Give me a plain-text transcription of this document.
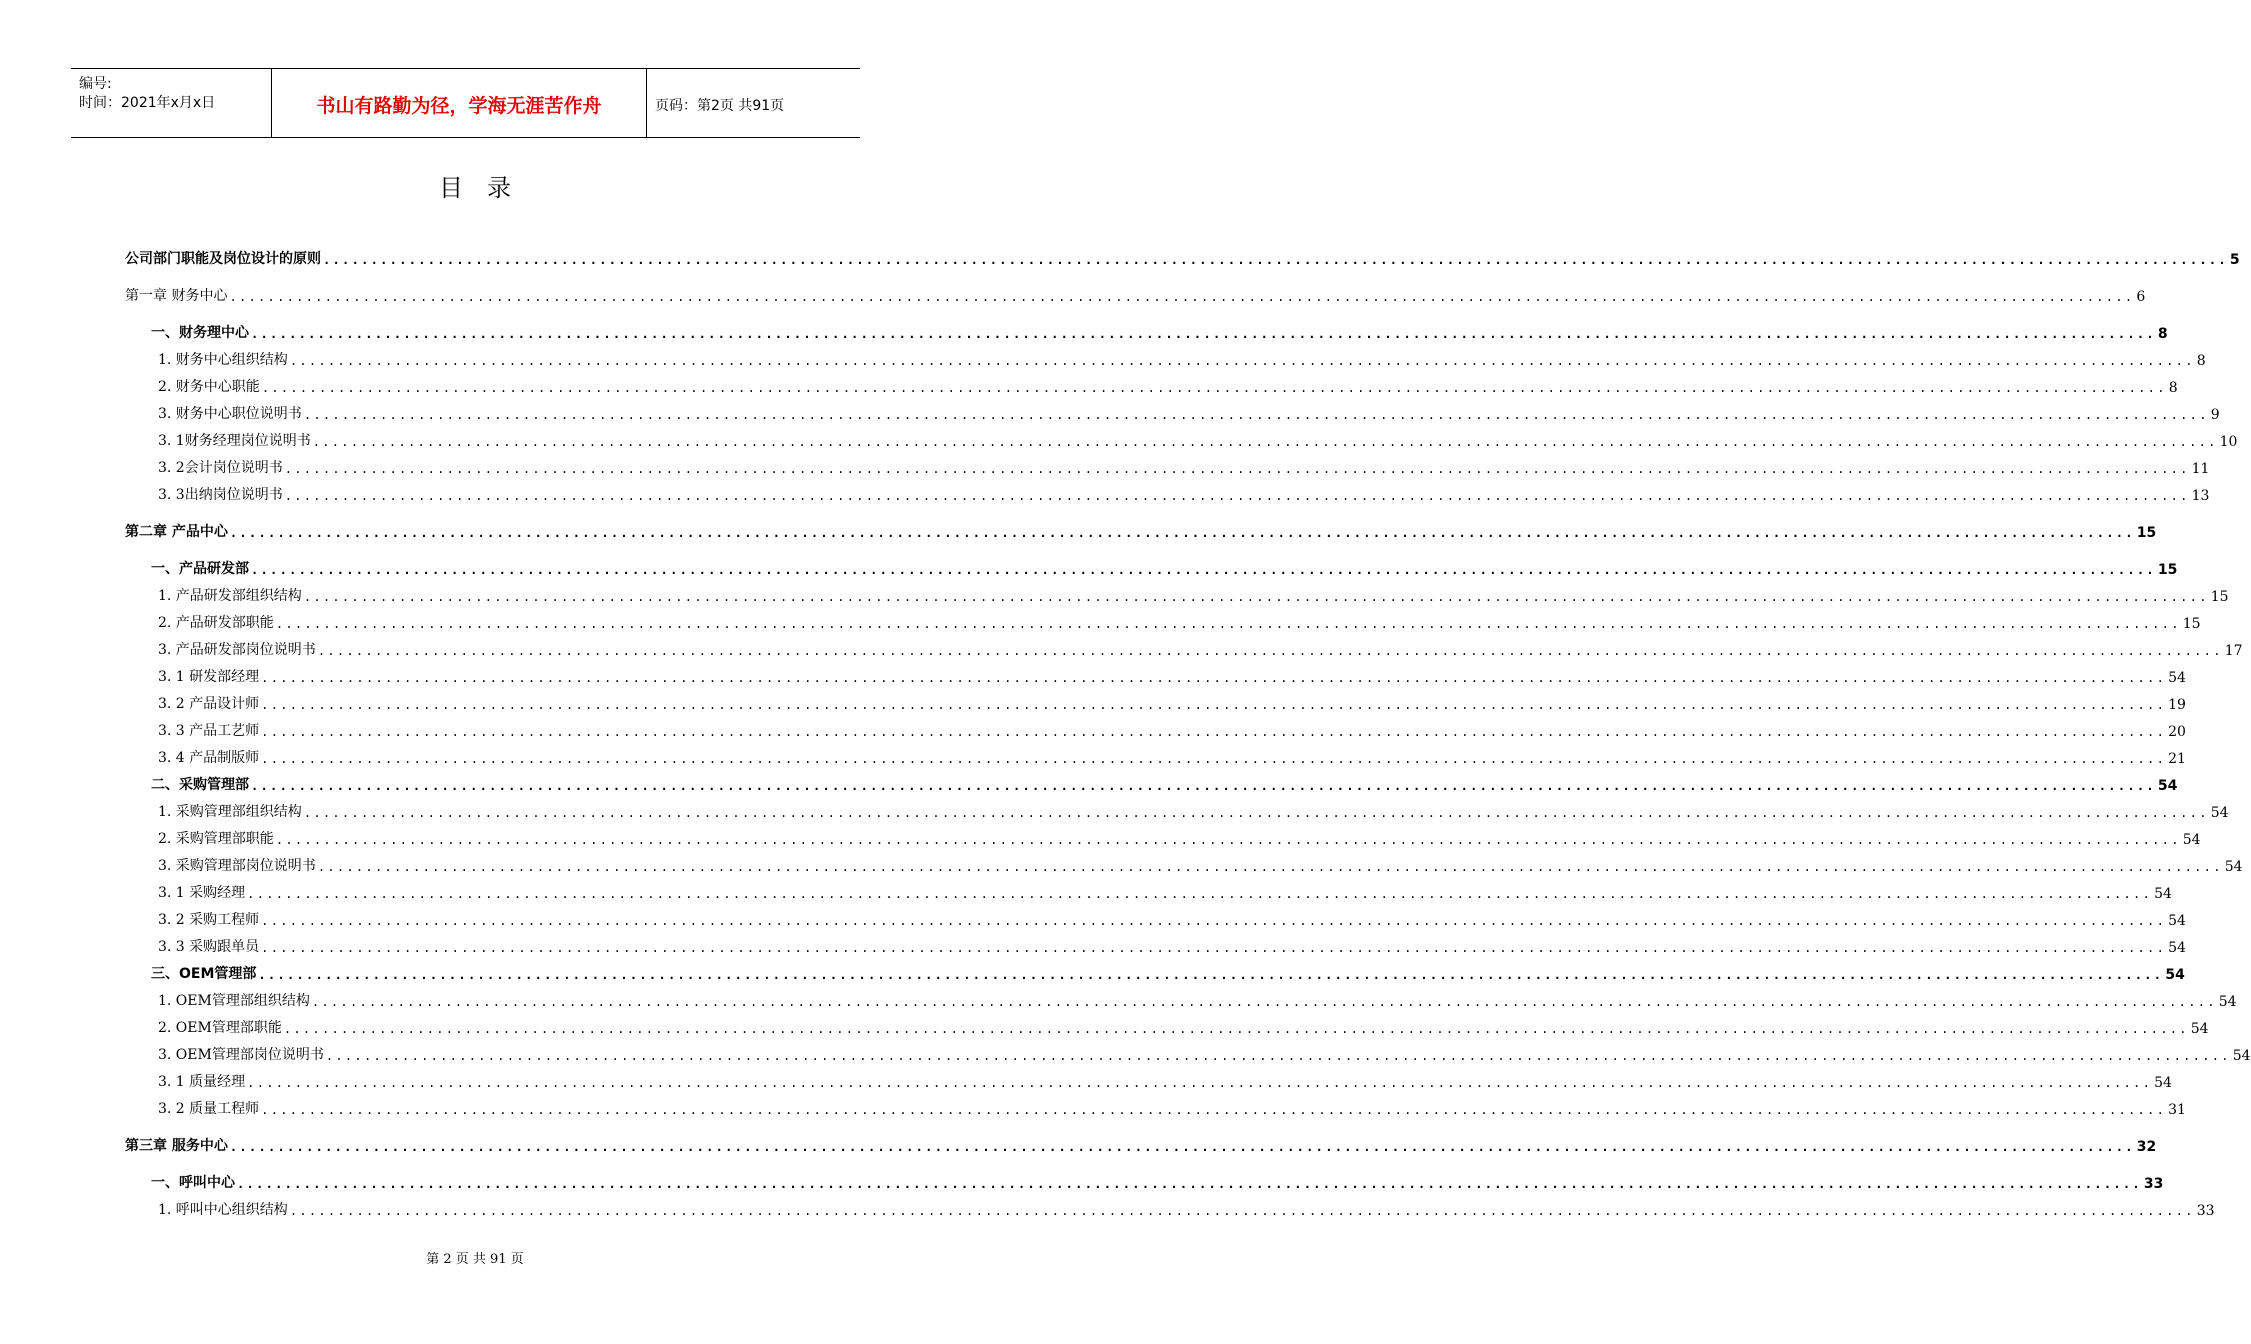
编号:
时间：2021年x月x日	书山有路勤为径，学海无涯苦作舟	页码：第2页 共91页
目录
公司部门职能及岗位设计的原则 ........................................................................................................................................................................................................ 5
第一章 财务中心 ........................................................................................................................................................................................................ 6
一、财务理中心 ........................................................................................................................................................................................................ 8
1. 财务中心组织结构 ........................................................................................................................................................................................................ 8
2. 财务中心职能 ........................................................................................................................................................................................................ 8
3. 财务中心职位说明书 ........................................................................................................................................................................................................ 9
3. 1财务经理岗位说明书 ........................................................................................................................................................................................................ 10
3. 2会计岗位说明书 ........................................................................................................................................................................................................ 11
3. 3出纳岗位说明书 ........................................................................................................................................................................................................ 13
第二章 产品中心 ........................................................................................................................................................................................................ 15
一、产品研发部 ........................................................................................................................................................................................................ 15
1. 产品研发部组织结构 ........................................................................................................................................................................................................ 15
2. 产品研发部职能 ........................................................................................................................................................................................................ 15
3. 产品研发部岗位说明书 ........................................................................................................................................................................................................ 17
3. 1 研发部经理 ........................................................................................................................................................................................................ 54
3. 2 产品设计师 ........................................................................................................................................................................................................ 19
3. 3 产品工艺师 ........................................................................................................................................................................................................ 20
3. 4 产品制版师 ........................................................................................................................................................................................................ 21
二、采购管理部 ........................................................................................................................................................................................................ 54
1. 采购管理部组织结构 ........................................................................................................................................................................................................ 54
2. 采购管理部职能 ........................................................................................................................................................................................................ 54
3. 采购管理部岗位说明书 ........................................................................................................................................................................................................ 54
3. 1 采购经理 ........................................................................................................................................................................................................ 54
3. 2 采购工程师 ........................................................................................................................................................................................................ 54
3. 3 采购跟单员 ........................................................................................................................................................................................................ 54
三、OEM管理部 ........................................................................................................................................................................................................ 54
1. OEM管理部组织结构 ........................................................................................................................................................................................................ 54
2. OEM管理部职能 ........................................................................................................................................................................................................ 54
3. OEM管理部岗位说明书 ........................................................................................................................................................................................................ 54
3. 1 质量经理 ........................................................................................................................................................................................................ 54
3. 2 质量工程师 ........................................................................................................................................................................................................ 31
第三章 服务中心 ........................................................................................................................................................................................................ 32
一、呼叫中心 ........................................................................................................................................................................................................ 33
1. 呼叫中心组织结构 ........................................................................................................................................................................................................ 33
第 2 页 共 91 页
